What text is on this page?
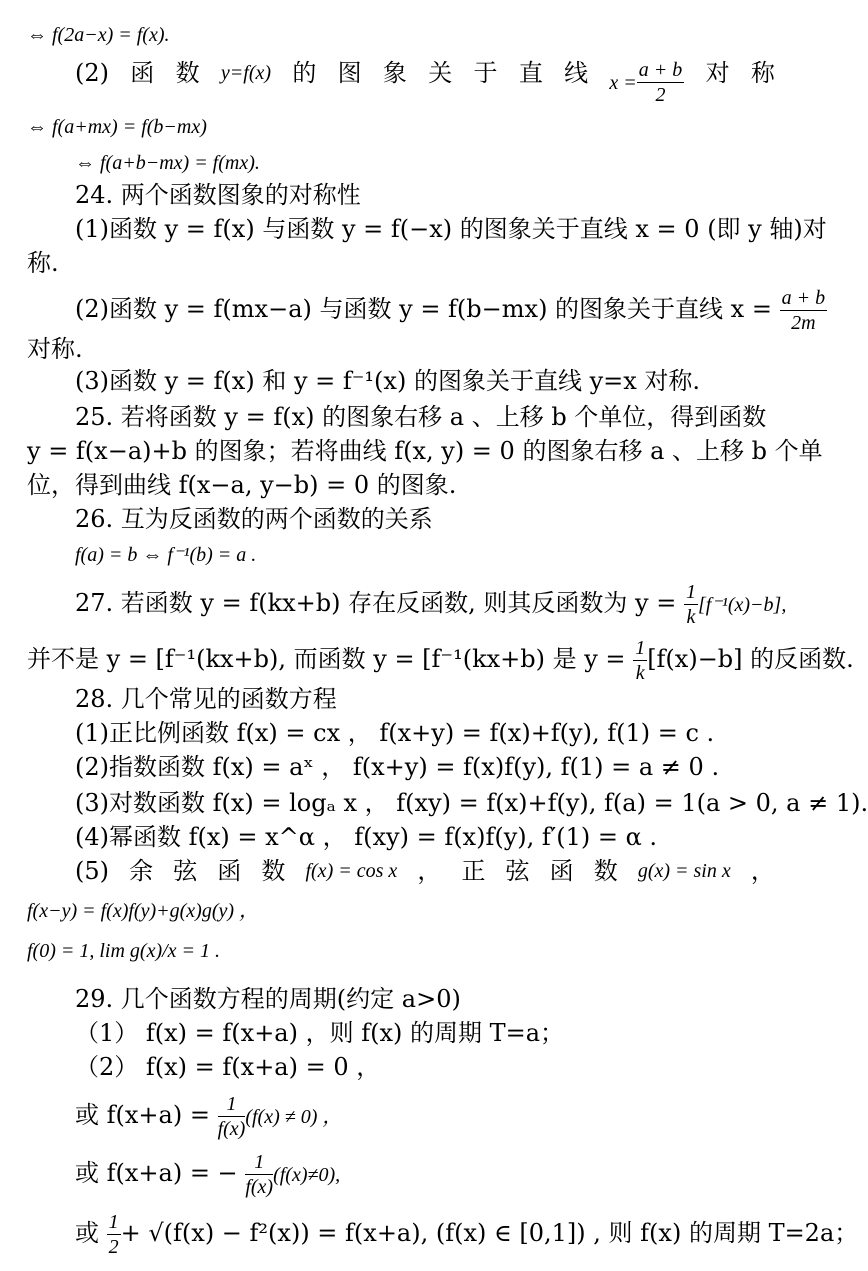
⇔ f(2a−x) = f(x).
(2) 函 数 y=f(x) 的 图 象 关 于 直 线 $x = \frac{a + b}{2}$ 对 称
⇔ f(a+mx) = f(b−mx)
⇔ f(a+b−mx) = f(mx).
24. 两个函数图象的对称性
(1)函数 y = f(x) 与函数 y = f(−x) 的图象关于直线 x = 0 (即 y 轴)对
称.
(2)函数 y = f(mx−a) 与函数 y = f(b−mx) 的图象关于直线 $x = \frac{a + b}{2m}$
对称.
(3)函数 y = f(x) 和 y = f⁻¹(x) 的图象关于直线 y=x 对称.
25. 若将函数 y = f(x) 的图象右移 a 、上移 b 个单位，得到函数
y = f(x−a)+b 的图象；若将曲线 f(x, y) = 0 的图象右移 a 、上移 b 个单
位，得到曲线 f(x−a, y−b) = 0 的图象.
26. 互为反函数的两个函数的关系
f(a) = b ⇔ f⁻¹(b) = a .
27. 若函数 y = f(kx+b) 存在反函数, 则其反函数为 $y = \frac{1}{k} [f^{-1}(x)-b]$,
并不是 y = [f⁻¹(kx+b), 而函数 y = [f⁻¹(kx+b) 是 $y = \frac{1}{k} [f(x)-b]$ 的反函数.
28. 几个常见的函数方程
(1)正比例函数 f(x) = cx ， f(x+y) = f(x)+f(y), f(1) = c .
(2)指数函数 f(x) = aˣ ， f(x+y) = f(x)f(y), f(1) = a ≠ 0 .
(3)对数函数 f(x) = logₐ x ， f(xy) = f(x)+f(y), f(a) = 1(a > 0, a ≠ 1).
(4)幂函数 f(x) = x^α ， f(xy) = f(x)f(y), f′(1) = α .
(5) 余 弦 函 数 f(x) = cos x ， 正 弦 函 数 g(x) = sin x ，
f(x−y) = f(x)f(y)+g(x)g(y) ，
f(0) = 1, lim g(x)/x = 1 .
29. 几个函数方程的周期(约定 a>0)
（1） f(x) = f(x+a) ，则 f(x) 的周期 T=a；
（2） f(x) = f(x+a) = 0 ，
或 $f(x+a) = \frac{1}{f(x)} (f(x) \ne 0)$ ，
或 f(x+a) = − $\frac{1}{f(x)} (f(x)\ne 0)$,
或 $\frac{1}{2} + √(f(x) - f^2(x)) = f(x+a)$, (f(x) ∈ [0,1]) , 则 f(x) 的周期 T=2a；
